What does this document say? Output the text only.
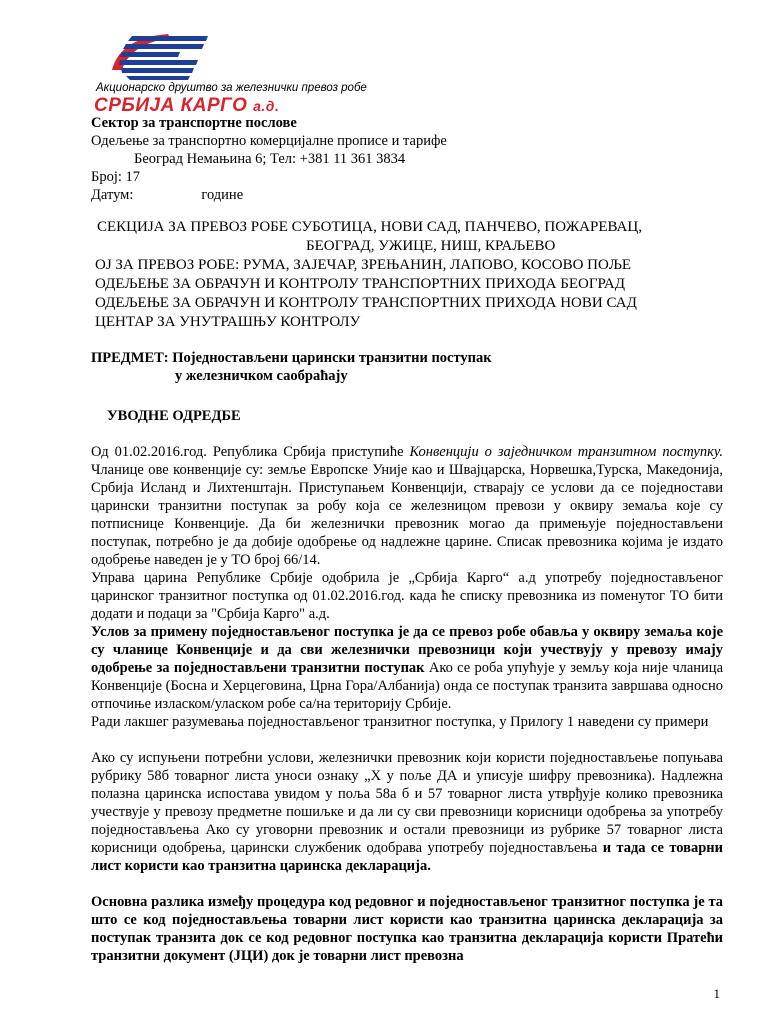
Акционарско друштво за железнички превоз робе
СРБИЈА КАРГО а.д.
Сектор за транспортне послове
Одељење за транспортно комерцијалне прописе и тарифе
Београд Немањина 6; Тел: +381 11 361 3834
Број: 17
Датум:	године
СЕКЦИЈА ЗА ПРЕВОЗ РОБЕ СУБОТИЦА, НОВИ САД, ПАНЧЕВО, ПОЖАРЕВАЦ,
БЕОГРАД, УЖИЦЕ, НИШ, КРАЉЕВО
ОЈ ЗА ПРЕВОЗ РОБЕ: РУМА, ЗАЈЕЧАР, ЗРЕЊАНИН, ЛАПОВО, КОСОВО ПОЉЕ
ОДЕЉЕЊЕ ЗА ОБРАЧУН И КОНТРОЛУ ТРАНСПОРТНИХ ПРИХОДА БЕОГРАД
ОДЕЉЕЊЕ ЗА ОБРАЧУН И КОНТРОЛУ ТРАНСПОРТНИХ ПРИХОДА НОВИ САД
ЦЕНТАР ЗА УНУТРАШЊУ КОНТРОЛУ
ПРЕДМЕТ: Поједностављени царински транзитни поступак
у железничком саобраћају
УВОДНЕ ОДРЕДБЕ

Од 01.02.2016.год. Република Србија приступиће Конвенцији о заједничком транзитном поступку. Чланице ове конвенције су: земље Европске Уније као и Швајцарска, Норвешка,Турска, Македонија, Србија Исланд и Лихтенштајн. Приступањем Конвенцији, стварају се услови да се поједностави царински транзитни поступак за робу која се железницом превози у оквиру земаља које су потписнице Конвенције. Да би железнички превозник могао да примењује поједностављени поступак, потребно је да добије одобрење од надлежне царине. Списак превозника којима је издато одобрење наведен је у ТО број 66/14.

Управа царина Републике Србије одобрила је „Србија Карго“ а.д употребу поједностављеног царинског транзитног поступка од 01.02.2016.год. када ће списку превозника из поменутог ТО бити додати и подаци за "Србија Карго" а.д.

Услов за примену поједностављеног поступка је да се превоз робе обавља у оквиру земаља које су чланице Конвенције и да сви железнички превозници који учествују у превозу имају одобрење за поједностављени транзитни поступак Ако се роба упућује у земљу која није чланица Конвенције (Босна и Херцеговина, Црна Гора/Албанија) онда се поступак транзита завршава односно отпочиње изласком/уласком робе са/на територију Србије.

Ради лакшег разумевања поједностављеног транзитног поступка, у Прилогу 1 наведени су примери

Ако су испуњени потребни услови, железнички превозник који користи поједностављење попуњава рубрику 58б товарног листа уноси ознаку „Х у поље ДА и уписује шифру превозника). Надлежна полазна царинска испостава увидом у поља 58а б и 57 товарног листа утврђује колико превозника учествује у превозу предметне пошиљке и да ли су сви превозници корисници одобрења за употребу поједностављења Ако су уговорни превозник и остали превозници из рубрике 57 товарног листа корисници одобрења, царински службеник одобрава употребу поједностављења и тада се товарни лист користи као транзитна царинска декларација.

Основна разлика између процедура код редовног и поједностављеног транзитног поступка је та што се код поједностављења товарни лист користи као транзитна царинска декларација за поступак транзита док се код редовног поступка као транзитна декларација користи Пратећи транзитни документ (ЈЦИ) док је товарни лист превозна

1
